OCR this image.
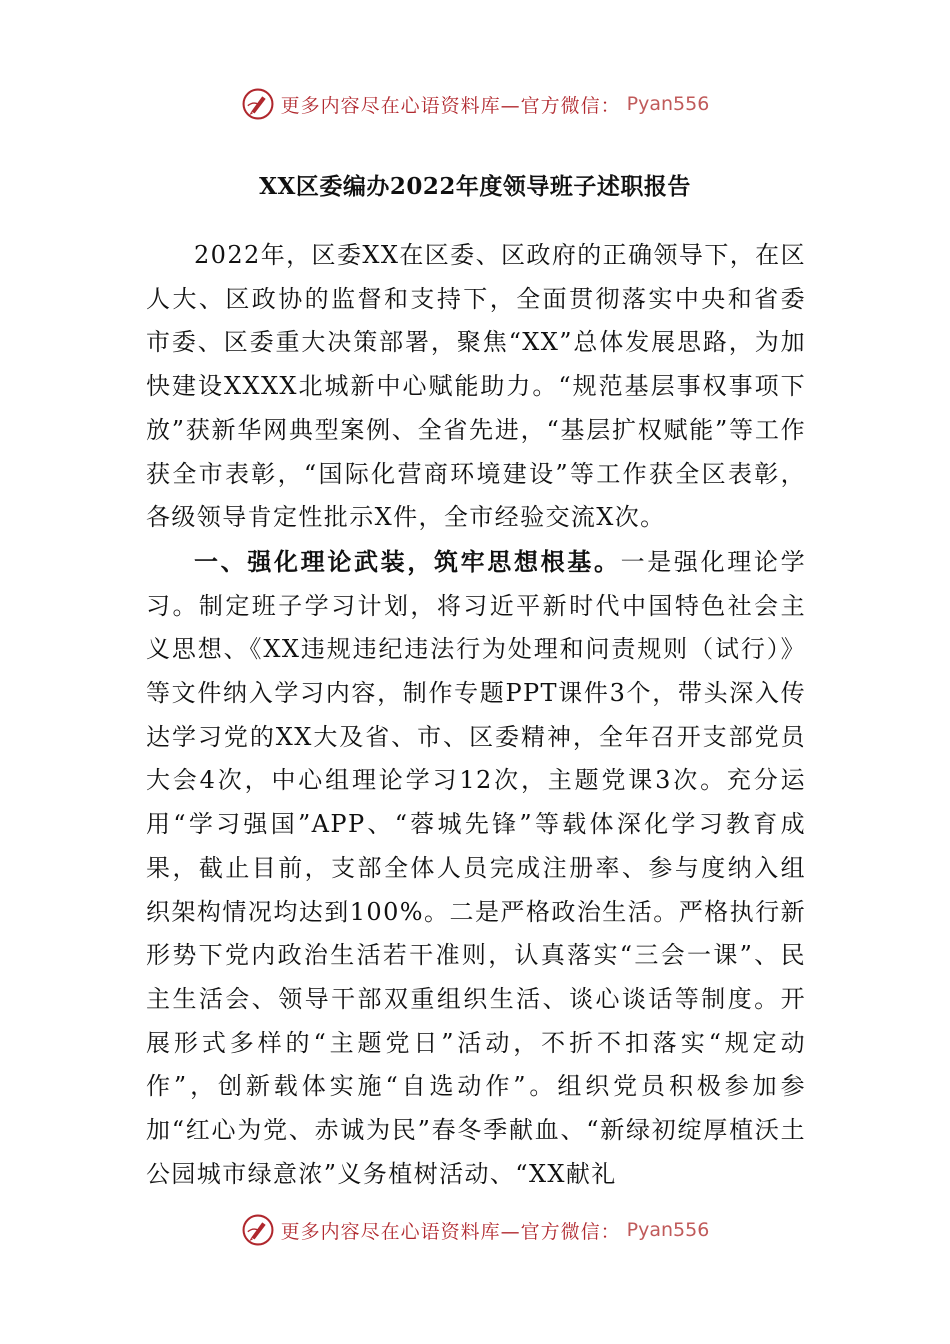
更多内容尽在心语资料库—官方微信： Pyan556
XX区委编办2022年度领导班子述职报告

2022年，区委XX在区委、区政府的正确领导下，在区人大、区政协的监督和支持下，全面贯彻落实中央和省委市委、区委重大决策部署，聚焦“XX”总体发展思路，为加快建设XXXX北城新中心赋能助力。“规范基层事权事项下放”获新华网典型案例、全省先进，“基层扩权赋能”等工作获全市表彰，“国际化营商环境建设”等工作获全区表彰，各级领导肯定性批示X件，全市经验交流X次。

一、强化理论武装，筑牢思想根基。一是强化理论学习。制定班子学习计划，将习近平新时代中国特色社会主义思想、《XX违规违纪违法行为处理和问责规则（试行）》等文件纳入学习内容，制作专题PPT课件3个，带头深入传达学习党的XX大及省、市、区委精神，全年召开支部党员大会4次，中心组理论学习12次，主题党课3次。充分运用“学习强国”APP、“蓉城先锋”等载体深化学习教育成果，截止目前，支部全体人员完成注册率、参与度纳入组织架构情况均达到100%。二是严格政治生活。严格执行新形势下党内政治生活若干准则，认真落实“三会一课”、民主生活会、领导干部双重组织生活、谈心谈话等制度。开展形式多样的“主题党日”活动，不折不扣落实“规定动作”，创新载体实施“自选动作”。组织党员积极参加参加“红心为党、赤诚为民”春冬季献血、“新绿初绽厚植沃土公园城市绿意浓”义务植树活动、“XX献礼

更多内容尽在心语资料库—官方微信： Pyan556
